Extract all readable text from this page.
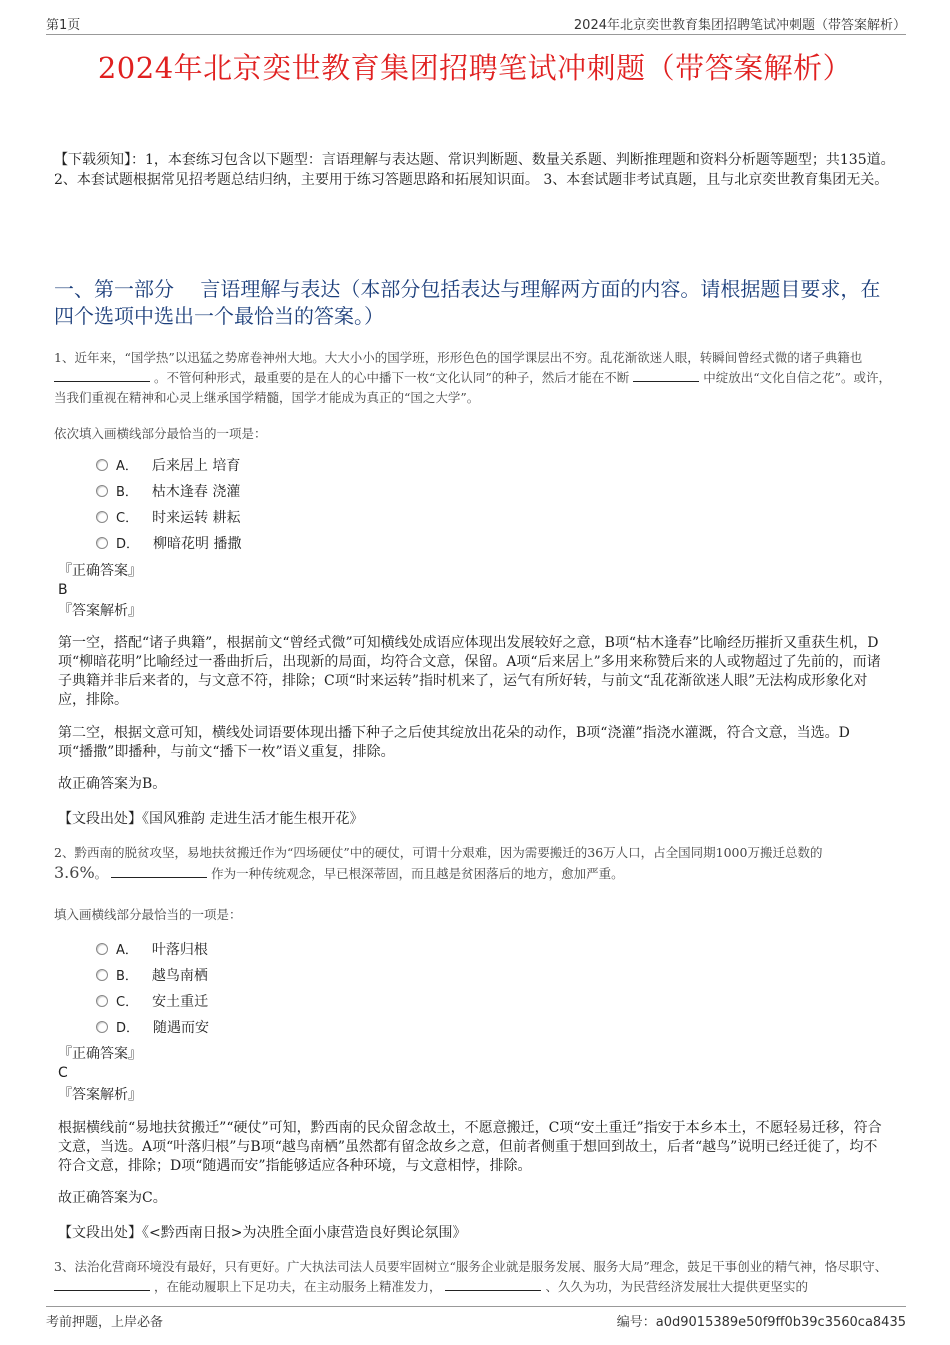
第1页	2024年北京奕世教育集团招聘笔试冲刺题（带答案解析）
2024年北京奕世教育集团招聘笔试冲刺题（带答案解析）
【下载须知】：1，本套练习包含以下题型：言语理解与表达题、常识判断题、数量关系题、判断推理题和资料分析题等题型；共135道。 2、本套试题根据常见招考题总结归纳，主要用于练习答题思路和拓展知识面。 3、本套试题非考试真题，且与北京奕世教育集团无关。
一、第一部分　 言语理解与表达（本部分包括表达与理解两方面的内容。请根据题目要求，在四个选项中选出一个最恰当的答案。）
1、近年来，“国学热”以迅猛之势席卷神州大地。大大小小的国学班，形形色色的国学课层出不穷。乱花渐欲迷人眼，转瞬间曾经式微的诸子典籍也  。不管何种形式，最重要的是在人的心中播下一枚“文化认同”的种子，然后才能在不断	中绽放出“文化自信之花”。或许，当我们重视在精神和心灵上继承国学精髓，国学才能成为真正的“国之大学”。
依次填入画横线部分最恰当的一项是：
A． 后来居上 培育
B． 枯木逢春 浇灌
C． 时来运转 耕耘
D． 柳暗花明 播撒
『正确答案』
B
『答案解析』
第一空，搭配“诸子典籍”，根据前文“曾经式微”可知横线处成语应体现出发展较好之意，B项“枯木逢春”比喻经历摧折又重获生机，D项“柳暗花明”比喻经过一番曲折后，出现新的局面，均符合文意，保留。A项“后来居上”多用来称赞后来的人或物超过了先前的，而诸子典籍并非后来者的，与文意不符，排除；C项“时来运转”指时机来了，运气有所好转，与前文“乱花渐欲迷人眼”无法构成形象化对应，排除。
第二空，根据文意可知，横线处词语要体现出播下种子之后使其绽放出花朵的动作，B项“浇灌”指浇水灌溉，符合文意，当选。D项“播撒”即播种，与前文“播下一枚”语义重复，排除。
故正确答案为B。
【文段出处】《国风雅韵 走进生活才能生根开花》
2、黔西南的脱贫攻坚，易地扶贫搬迁作为“四场硬仗”中的硬仗，可谓十分艰难，因为需要搬迁的36万人口，占全国同期1000万搬迁总数的
3.6%。	作为一种传统观念，早已根深蒂固，而且越是贫困落后的地方，愈加严重。
填入画横线部分最恰当的一项是：
A． 叶落归根
B． 越鸟南栖
C． 安土重迁
D． 随遇而安
『正确答案』
C
『答案解析』
根据横线前“易地扶贫搬迁”“硬仗”可知，黔西南的民众留念故土，不愿意搬迁，C项“安土重迁”指安于本乡本土，不愿轻易迁移，符合文意，当选。A项“叶落归根”与B项“越鸟南栖”虽然都有留念故乡之意，但前者侧重于想回到故土，后者“越鸟”说明已经迁徙了，均不符合文意，排除；D项“随遇而安”指能够适应各种环境，与文意相悖，排除。
故正确答案为C。
【文段出处】《<黔西南日报>为决胜全面小康营造良好舆论氛围》
3、法治化营商环境没有最好，只有更好。广大执法司法人员要牢固树立“服务企业就是服务发展、服务大局”理念，鼓足干事创业的精气神，恪尽职守、  ，在能动履职上下足功夫，在主动服务上精准发力，	、久久为功，为民营经济发展壮大提供更坚实的
考前押题，上岸必备	编号：a0d9015389e50f9ff0b39c3560ca8435
